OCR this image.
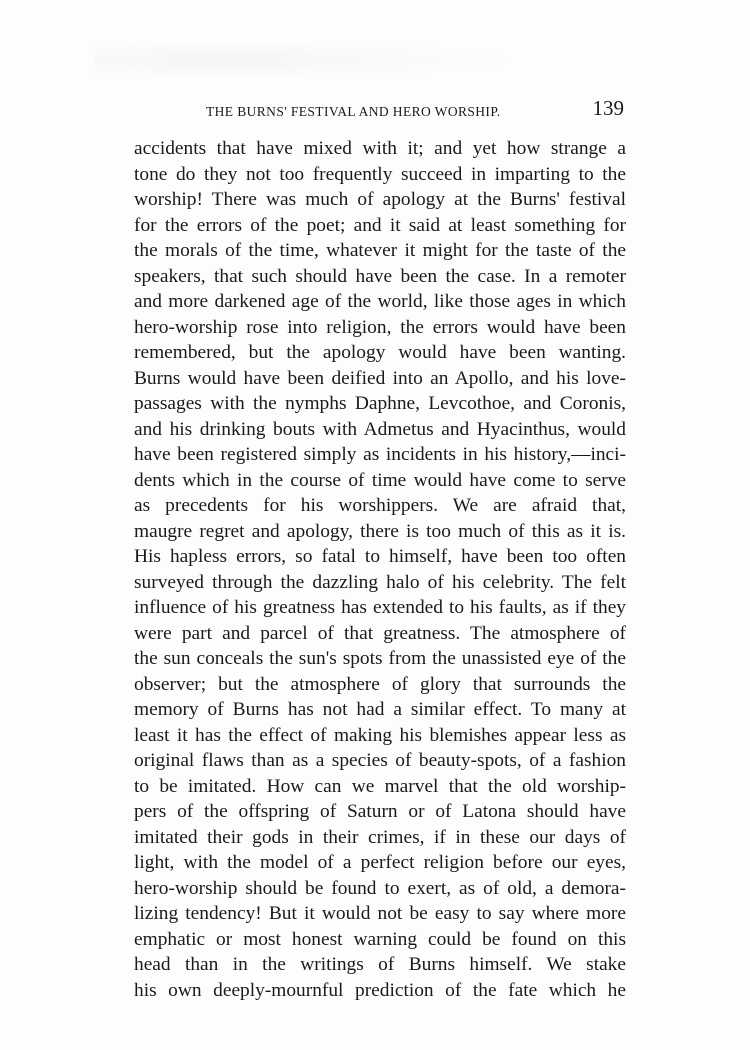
THE BURNS' FESTIVAL AND HERO WORSHIP.	139
accidents that have mixed with it; and yet how strange a
tone do they not too frequently succeed in imparting to the
worship! There was much of apology at the Burns' festival
for the errors of the poet; and it said at least something for
the morals of the time, whatever it might for the taste of the
speakers, that such should have been the case. In a remoter
and more darkened age of the world, like those ages in which
hero-worship rose into religion, the errors would have been
remembered, but the apology would have been wanting.
Burns would have been deified into an Apollo, and his love-
passages with the nymphs Daphne, Levcothoe, and Coronis,
and his drinking bouts with Admetus and Hyacinthus, would
have been registered simply as incidents in his history,—inci-
dents which in the course of time would have come to serve
as precedents for his worshippers. We are afraid that,
maugre regret and apology, there is too much of this as it is.
His hapless errors, so fatal to himself, have been too often
surveyed through the dazzling halo of his celebrity. The felt
influence of his greatness has extended to his faults, as if they
were part and parcel of that greatness. The atmosphere of
the sun conceals the sun's spots from the unassisted eye of the
observer; but the atmosphere of glory that surrounds the
memory of Burns has not had a similar effect. To many at
least it has the effect of making his blemishes appear less as
original flaws than as a species of beauty-spots, of a fashion
to be imitated. How can we marvel that the old worship-
pers of the offspring of Saturn or of Latona should have
imitated their gods in their crimes, if in these our days of
light, with the model of a perfect religion before our eyes,
hero-worship should be found to exert, as of old, a demora-
lizing tendency! But it would not be easy to say where more
emphatic or most honest warning could be found on this
head than in the writings of Burns himself. We stake
his own deeply-mournful prediction of the fate which he
